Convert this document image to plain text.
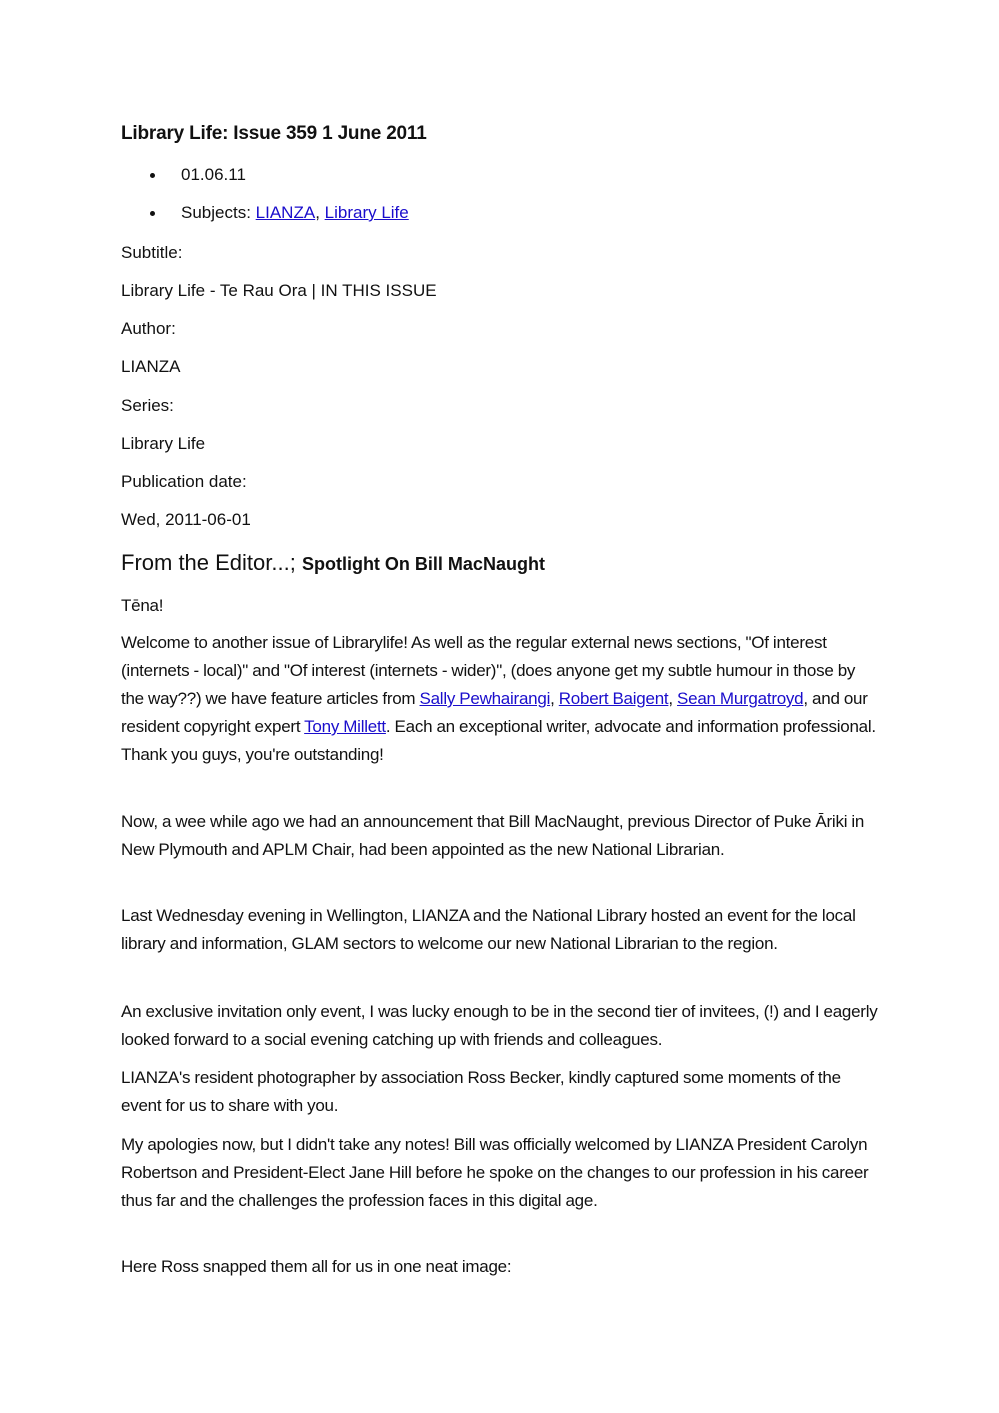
Library Life: Issue 359 1 June 2011
01.06.11
Subjects: LIANZA, Library Life
Subtitle:
Library Life - Te Rau Ora | IN THIS ISSUE
Author:
LIANZA
Series:
Library Life
Publication date:
Wed, 2011-06-01
From the Editor...; Spotlight On Bill MacNaught
Tēna!
Welcome to another issue of Librarylife! As well as the regular external news sections, "Of interest (internets - local)" and "Of interest (internets - wider)", (does anyone get my subtle humour in those by the way??) we have feature articles from Sally Pewhairangi, Robert Baigent, Sean Murgatroyd, and our resident copyright expert Tony Millett. Each an exceptional writer, advocate and information professional. Thank you guys, you're outstanding!
Now, a wee while ago we had an announcement that Bill MacNaught, previous Director of Puke Āriki in New Plymouth and APLM Chair, had been appointed as the new National Librarian.
Last Wednesday evening in Wellington, LIANZA and the National Library hosted an event for the local library and information, GLAM sectors to welcome our new National Librarian to the region.
An exclusive invitation only event, I was lucky enough to be in the second tier of invitees, (!) and I eagerly looked forward to a social evening catching up with friends and colleagues.
LIANZA's resident photographer by association Ross Becker, kindly captured some moments of the event for us to share with you.
My apologies now, but I didn't take any notes! Bill was officially welcomed by LIANZA President Carolyn Robertson and President-Elect Jane Hill before he spoke on the changes to our profession in his career thus far and the challenges the profession faces in this digital age.
Here Ross snapped them all for us in one neat image:
